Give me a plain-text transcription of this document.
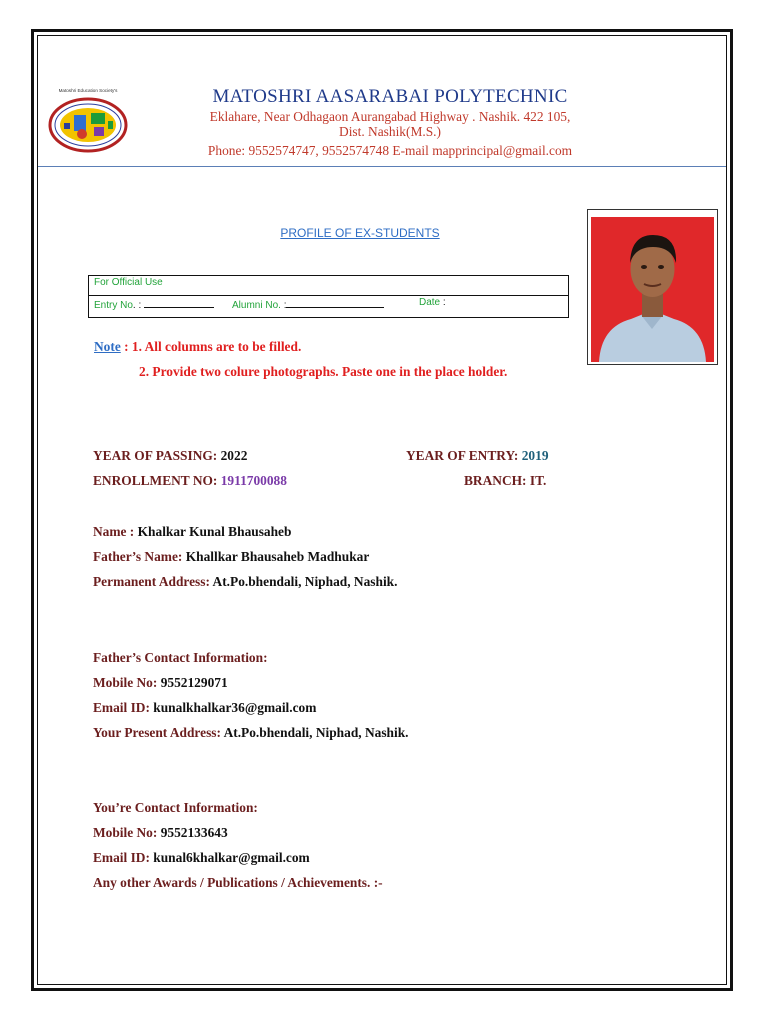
Matoshri Education Society's	MATOSHRI AASARABAI POLYTECHNIC
Eklahare, Near Odhagaon Aurangabad Highway . Nashik. 422 105,
Dist. Nashik(M.S.)
Phone: 9552574747, 9552574748 E-mail mapprincipal@gmail.com
PROFILE OF EX-STUDENTS
For Official Use
Entry No. :	Alumni No. :	Date :
Note : 1. All columns are to be filled.
2. Provide two colure photographs. Paste one in the place holder.
YEAR OF PASSING: 2022	YEAR OF ENTRY: 2019
ENROLLMENT NO: 1911700088	BRANCH: IT.
Name : Khalkar Kunal Bhausaheb
Father’s Name: Khallkar Bhausaheb Madhukar
Permanent Address: At.Po.bhendali, Niphad, Nashik.
Father’s Contact Information:
Mobile No: 9552129071
Email ID: kunalkhalkar36@gmail.com
Your Present Address: At.Po.bhendali, Niphad, Nashik.
You’re Contact Information:
Mobile No: 9552133643
Email ID: kunal6khalkar@gmail.com
Any other Awards / Publications / Achievements. :-
